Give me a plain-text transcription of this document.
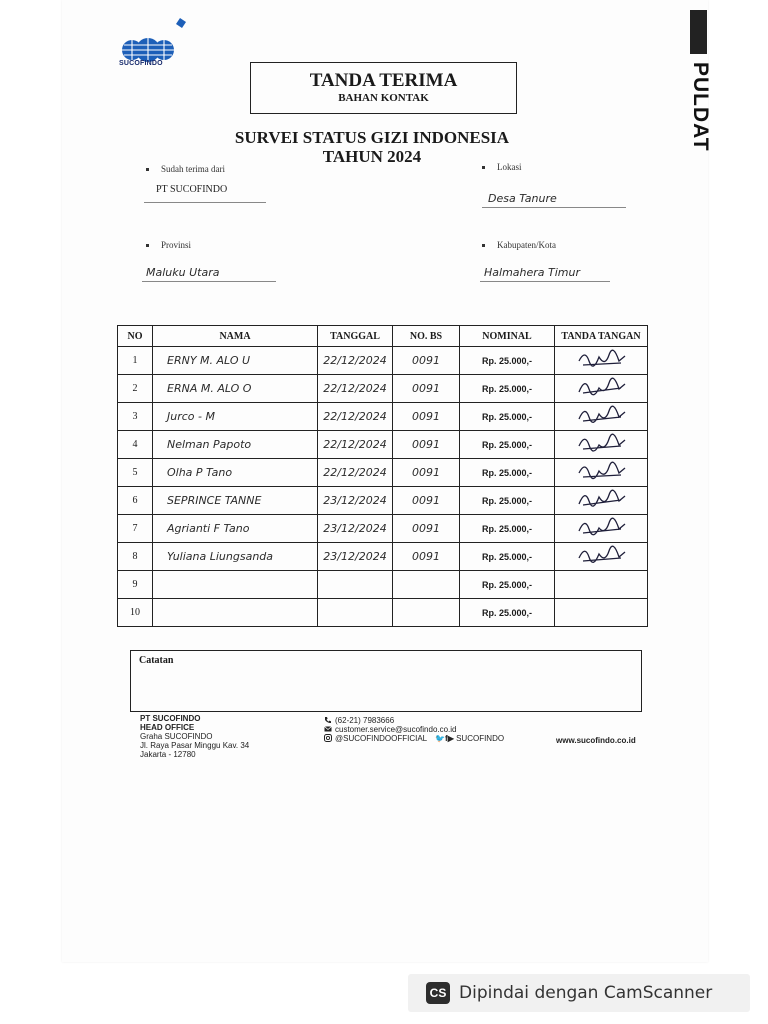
SUCOFINDO	PULDAT
TANDA TERIMA
BAHAN KONTAK
SURVEI STATUS GIZI INDONESIA
TAHUN 2024
Sudah terima dari
PT SUCOFINDO
Lokasi
Desa Tanure
Provinsi
Maluku Utara
Kabupaten/Kota
Halmahera Timur
NO	NAMA	TANGGAL	NO. BS	NOMINAL	TANDA TANGAN
1	ERNY M. ALO U	22/12/2024	0091	Rp. 25.000,-	
2	ERNA M. ALO O	22/12/2024	0091	Rp. 25.000,-	
3	Jurco - M	22/12/2024	0091	Rp. 25.000,-	
4	Nelman Papoto	22/12/2024	0091	Rp. 25.000,-	
5	Olha P Tano	22/12/2024	0091	Rp. 25.000,-	
6	SEPRINCE TANNE	23/12/2024	0091	Rp. 25.000,-	
7	Agrianti F Tano	23/12/2024	0091	Rp. 25.000,-	
8	Yuliana Liungsanda	23/12/2024	0091	Rp. 25.000,-	
9				Rp. 25.000,-	
10				Rp. 25.000,-	
Catatan
PT SUCOFINDO
HEAD OFFICE
Graha SUCOFINDO
Jl. Raya Pasar Minggu Kav. 34
Jakarta - 12780
(62-21) 7983666
customer.service@sucofindo.co.id
@SUCOFINDOOFFICIAL 🐦f▶ SUCOFINDO	www.sucofindo.co.id
CS Dipindai dengan CamScanner
